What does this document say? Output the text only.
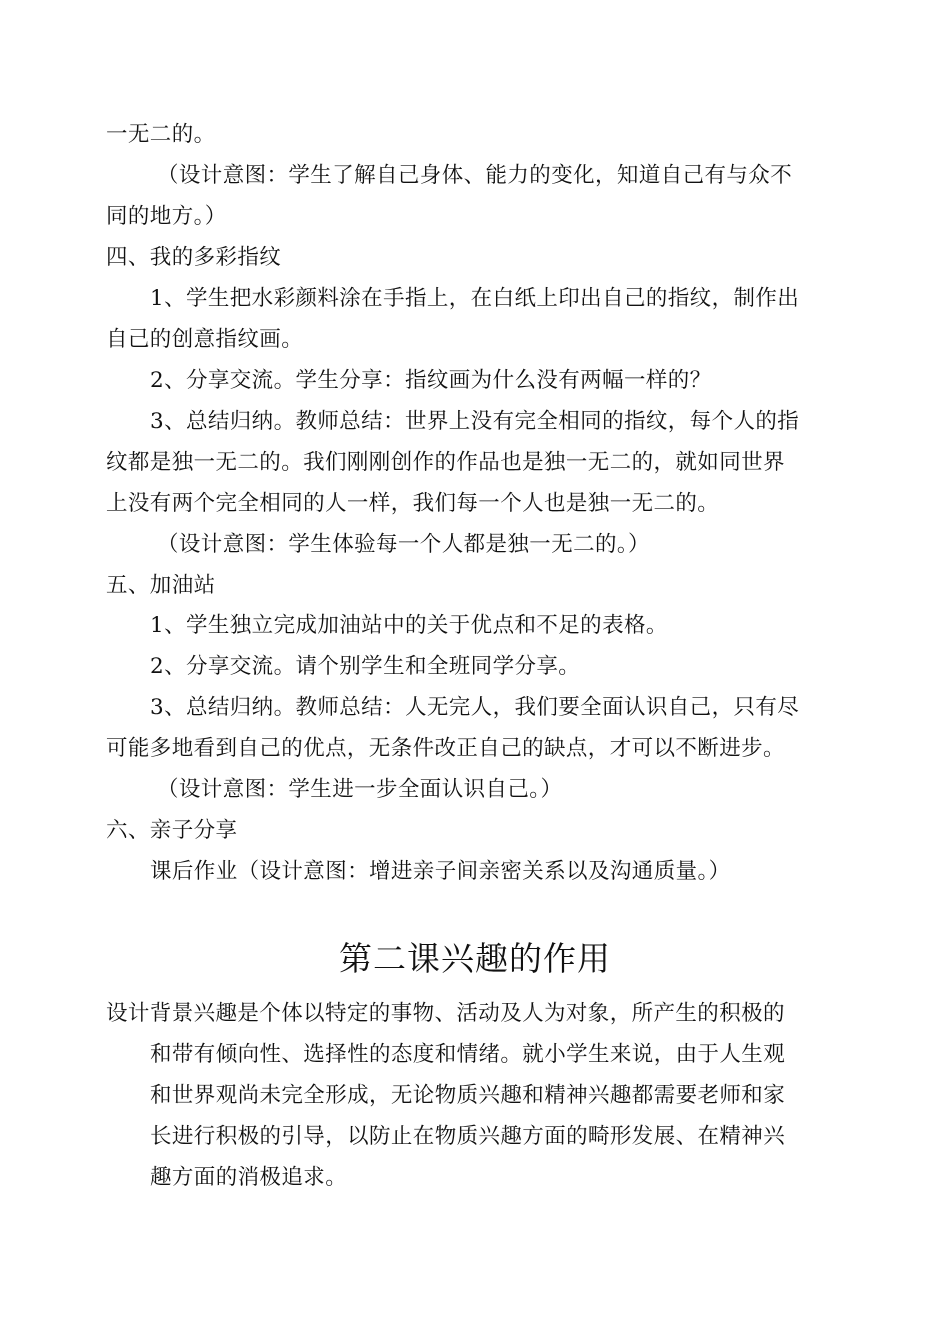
一无二的。
（设计意图：学生了解自己身体、能力的变化，知道自己有与众不
同的地方。）
四、我的多彩指纹
1、学生把水彩颜料涂在手指上，在白纸上印出自己的指纹，制作出
自己的创意指纹画。
2、分享交流。学生分享：指纹画为什么没有两幅一样的？
3、总结归纳。教师总结：世界上没有完全相同的指纹，每个人的指
纹都是独一无二的。我们刚刚创作的作品也是独一无二的，就如同世界
上没有两个完全相同的人一样，我们每一个人也是独一无二的。
（设计意图：学生体验每一个人都是独一无二的。）
五、加油站
1、学生独立完成加油站中的关于优点和不足的表格。
2、分享交流。请个别学生和全班同学分享。
3、总结归纳。教师总结：人无完人，我们要全面认识自己，只有尽
可能多地看到自己的优点，无条件改正自己的缺点，才可以不断进步。
（设计意图：学生进一步全面认识自己。）
六、亲子分享
课后作业（设计意图：增进亲子间亲密关系以及沟通质量。）
第二课兴趣的作用
设计背景兴趣是个体以特定的事物、活动及人为对象，所产生的积极的
和带有倾向性、选择性的态度和情绪。就小学生来说，由于人生观
和世界观尚未完全形成，无论物质兴趣和精神兴趣都需要老师和家
长进行积极的引导，以防止在物质兴趣方面的畸形发展、在精神兴
趣方面的消极追求。
